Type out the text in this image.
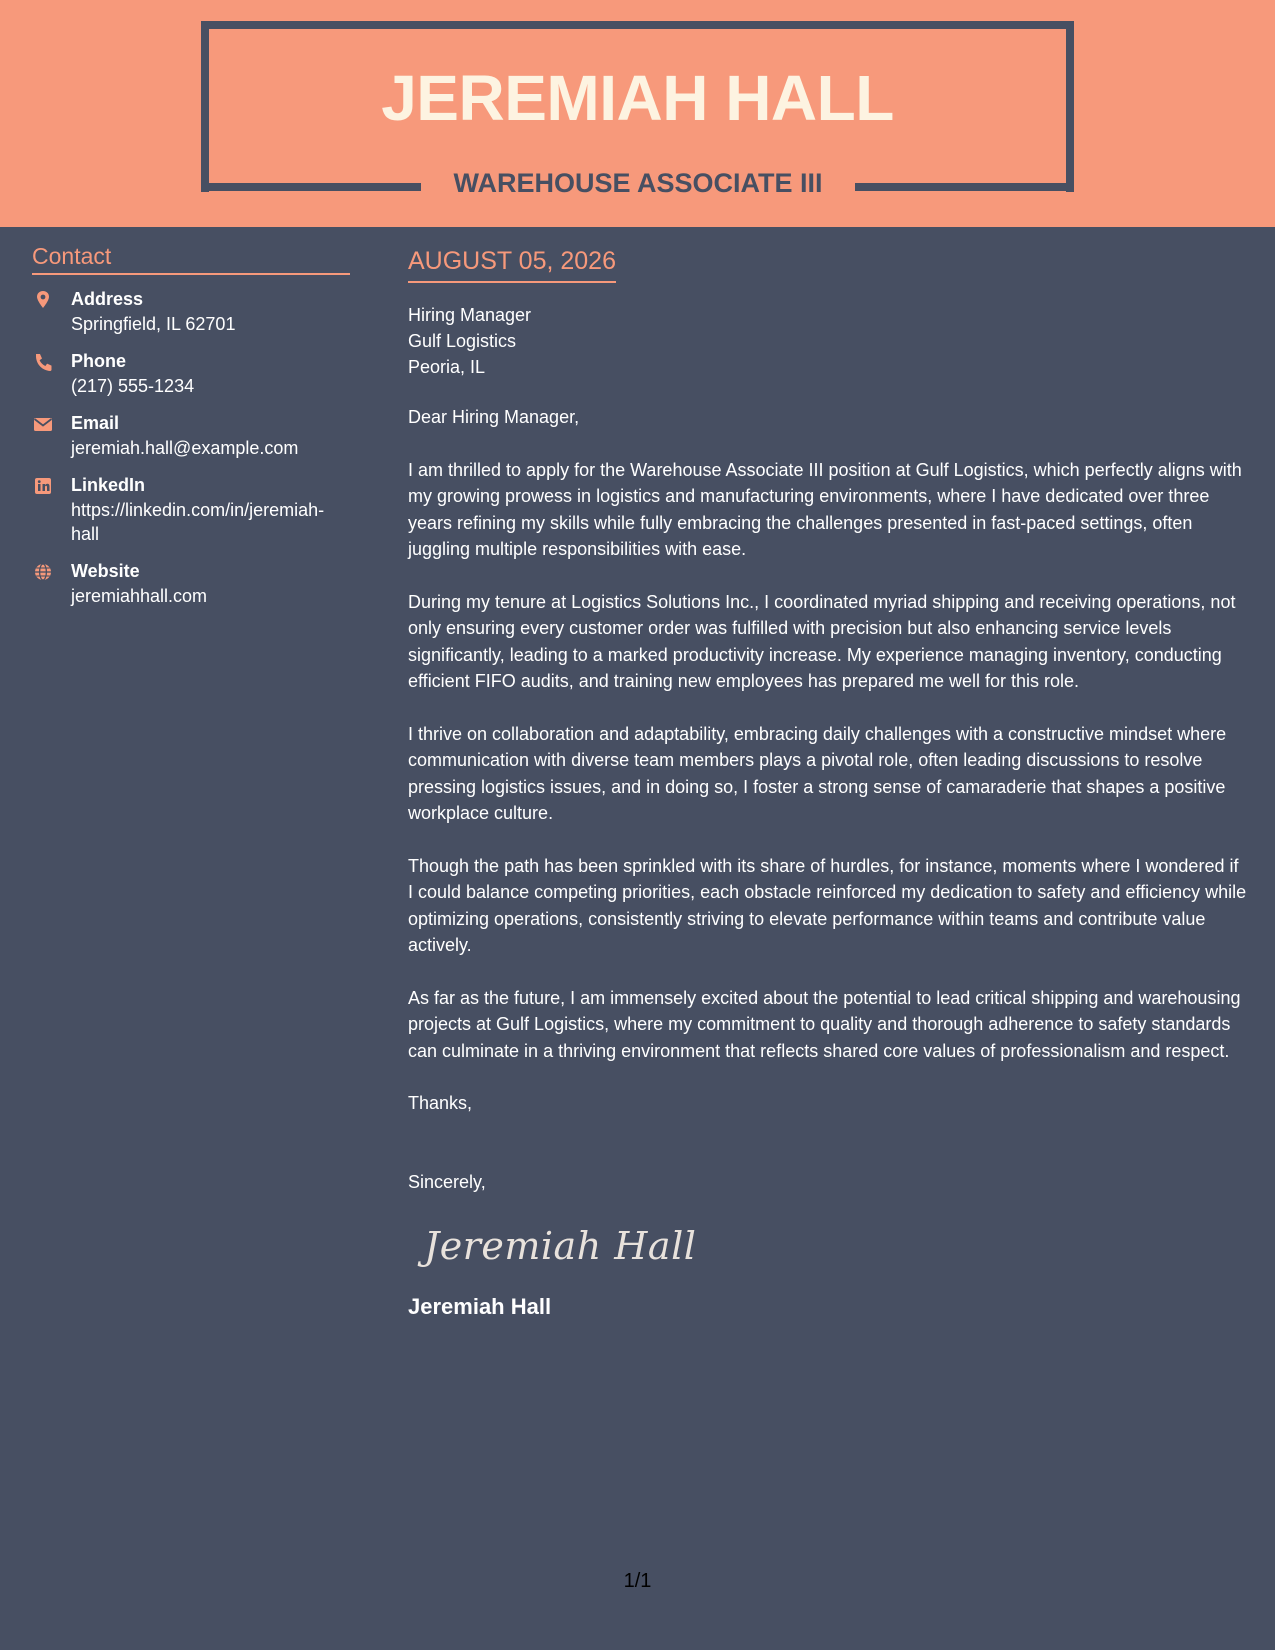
JEREMIAH HALL
WAREHOUSE ASSOCIATE III
Contact
Address
Springfield, IL 62701
Phone
(217) 555-1234
Email
jeremiah.hall@example.com
LinkedIn
https://linkedin.com/in/jeremiah-hall
Website
jeremiahhall.com
AUGUST 05, 2026
Hiring Manager
Gulf Logistics
Peoria, IL

Dear Hiring Manager,

I am thrilled to apply for the Warehouse Associate III position at Gulf Logistics, which perfectly aligns with my growing prowess in logistics and manufacturing environments, where I have dedicated over three years refining my skills while fully embracing the challenges presented in fast-paced settings, often juggling multiple responsibilities with ease.

During my tenure at Logistics Solutions Inc., I coordinated myriad shipping and receiving operations, not only ensuring every customer order was fulfilled with precision but also enhancing service levels significantly, leading to a marked productivity increase. My experience managing inventory, conducting efficient FIFO audits, and training new employees has prepared me well for this role.

I thrive on collaboration and adaptability, embracing daily challenges with a constructive mindset where communication with diverse team members plays a pivotal role, often leading discussions to resolve pressing logistics issues, and in doing so, I foster a strong sense of camaraderie that shapes a positive workplace culture.

Though the path has been sprinkled with its share of hurdles, for instance, moments where I wondered if I could balance competing priorities, each obstacle reinforced my dedication to safety and efficiency while optimizing operations, consistently striving to elevate performance within teams and contribute value actively.

As far as the future, I am immensely excited about the potential to lead critical shipping and warehousing projects at Gulf Logistics, where my commitment to quality and thorough adherence to safety standards can culminate in a thriving environment that reflects shared core values of professionalism and respect.

Thanks,

Sincerely,
Jeremiah Hall
Jeremiah Hall
1/1
